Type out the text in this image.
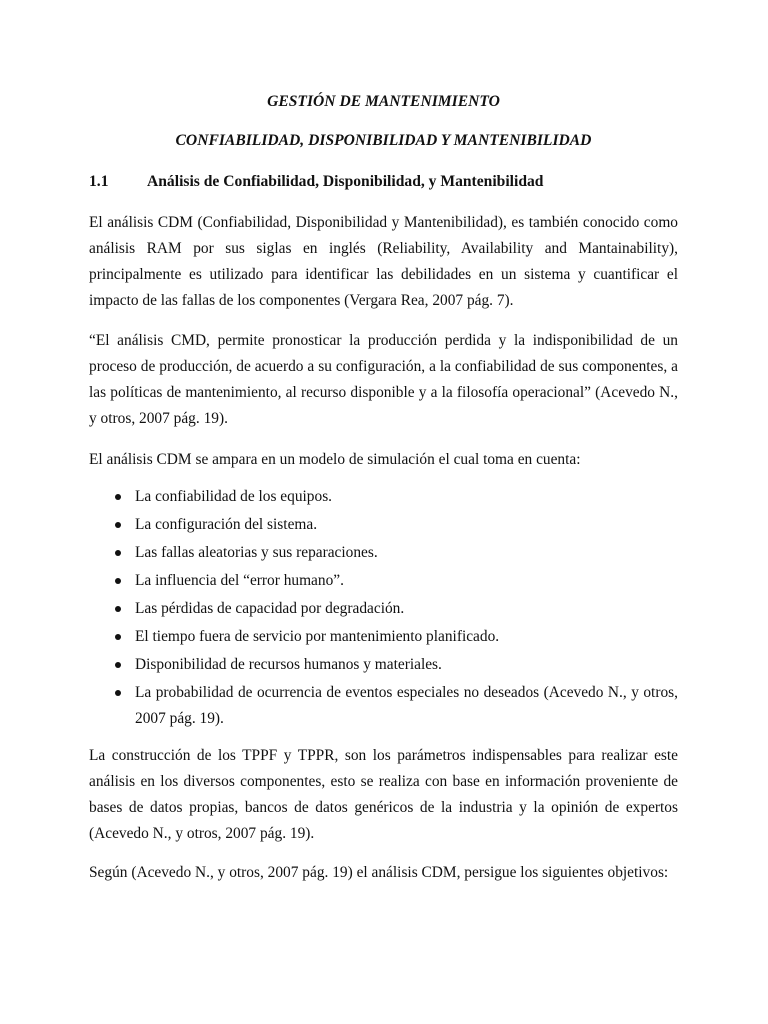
GESTIÓN DE MANTENIMIENTO
CONFIABILIDAD, DISPONIBILIDAD Y MANTENIBILIDAD
1.1 Análisis de Confiabilidad, Disponibilidad, y Mantenibilidad

El análisis CDM (Confiabilidad, Disponibilidad y Mantenibilidad), es también conocido como análisis RAM por sus siglas en inglés (Reliability, Availability and Mantainability), principalmente es utilizado para identificar las debilidades en un sistema y cuantificar el impacto de las fallas de los componentes (Vergara Rea, 2007 pág. 7).

“El análisis CMD, permite pronosticar la producción perdida y la indisponibilidad de un proceso de producción, de acuerdo a su configuración, a la confiabilidad de sus componentes, a las políticas de mantenimiento, al recurso disponible y a la filosofía operacional” (Acevedo N., y otros, 2007 pág. 19).

El análisis CDM se ampara en un modelo de simulación el cual toma en cuenta:

La confiabilidad de los equipos.
La configuración del sistema.
Las fallas aleatorias y sus reparaciones.
La influencia del “error humano”.
Las pérdidas de capacidad por degradación.
El tiempo fuera de servicio por mantenimiento planificado.
Disponibilidad de recursos humanos y materiales.
La probabilidad de ocurrencia de eventos especiales no deseados (Acevedo N., y otros, 2007 pág. 19).

La construcción de los TPPF y TPPR, son los parámetros indispensables para realizar este análisis en los diversos componentes, esto se realiza con base en información proveniente de bases de datos propias, bancos de datos genéricos de la industria y la opinión de expertos (Acevedo N., y otros, 2007 pág. 19).

Según (Acevedo N., y otros, 2007 pág. 19) el análisis CDM, persigue los siguientes objetivos:
